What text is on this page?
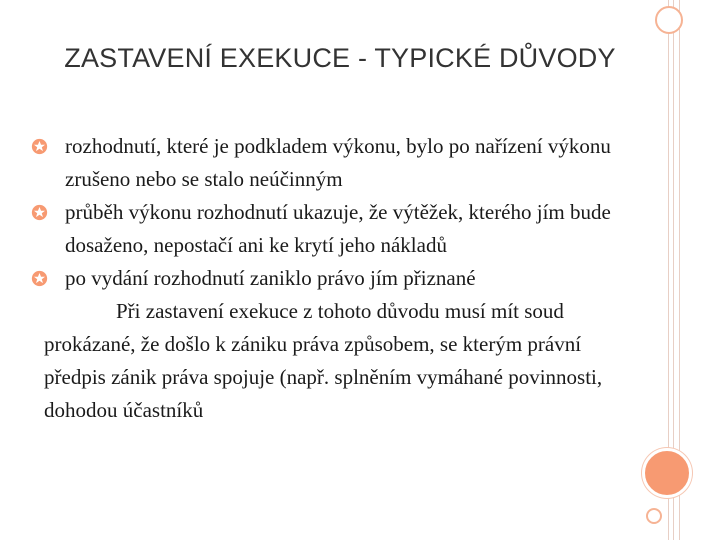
ZASTAVENÍ EXEKUCE - TYPICKÉ DŮVODY
rozhodnutí, které je podkladem výkonu, bylo po nařízení výkonu zrušeno nebo se stalo neúčinným
průběh výkonu rozhodnutí ukazuje, že výtěžek, kterého jím bude dosaženo, nepostačí ani ke krytí jeho nákladů
po vydání rozhodnutí zaniklo právo jím přiznané
Při zastavení exekuce z tohoto důvodu musí mít soud prokázané, že došlo k zániku práva způsobem, se kterým právní předpis zánik práva spojuje (např. splněním vymáhané povinnosti, dohodou účastníků
